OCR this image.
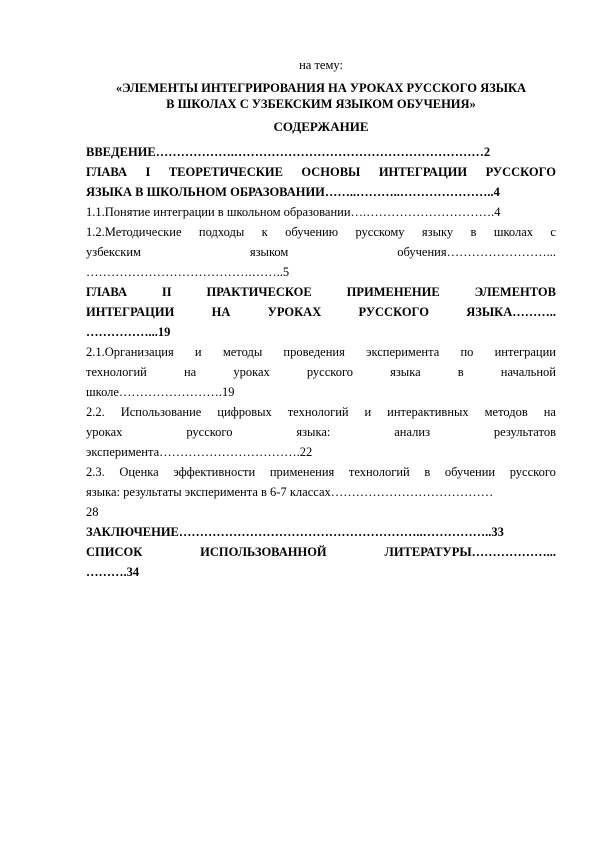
на тему:
«ЭЛЕМЕНТЫ ИНТЕГРИРОВАНИЯ НА УРОКАХ РУССКОГО ЯЗЫКА
В ШКОЛАХ С УЗБЕКСКИМ ЯЗЫКОМ ОБУЧЕНИЯ»
СОДЕРЖАНИЕ
ВВЕДЕНИЕ……………….……………………………………………………2
ГЛАВА I ТЕОРЕТИЧЕСКИЕ ОСНОВЫ ИНТЕГРАЦИИ РУССКОГО
ЯЗЫКА В ШКОЛЬНОМ ОБРАЗОВАНИИ……..………..…………………..4
1.1.Понятие интеграции в школьном образовании….………………………….4
1.2.Методические подходы к обучению русскому языку в школах с
узбекским	языком	обучения……………………...
………………………………….……..5
ГЛАВА	II	ПРАКТИЧЕСКОЕ	ПРИМЕНЕНИЕ	ЭЛЕМЕНТОВ
ИНТЕГРАЦИИ	НА	УРОКАХ	РУССКОГО	ЯЗЫКА………..
……………...19
2.1.Организация и методы проведения эксперимента по интеграции
технологий	на	уроках	русского	языка	в	начальной
школе…………………….19
2.2. Использование цифровых технологий и интерактивных методов на
уроках	русского	языка:	анализ	результатов
эксперимента…………………………….22
2.3. Оценка эффективности применения технологий в обучении русского
языка: результаты эксперимента в 6-7 классах…………………………………
28
ЗАКЛЮЧЕНИЕ…………………………………………………..……………..33
СПИСОК	ИСПОЛЬЗОВАННОЙ	ЛИТЕРАТУРЫ………………...
……….34
